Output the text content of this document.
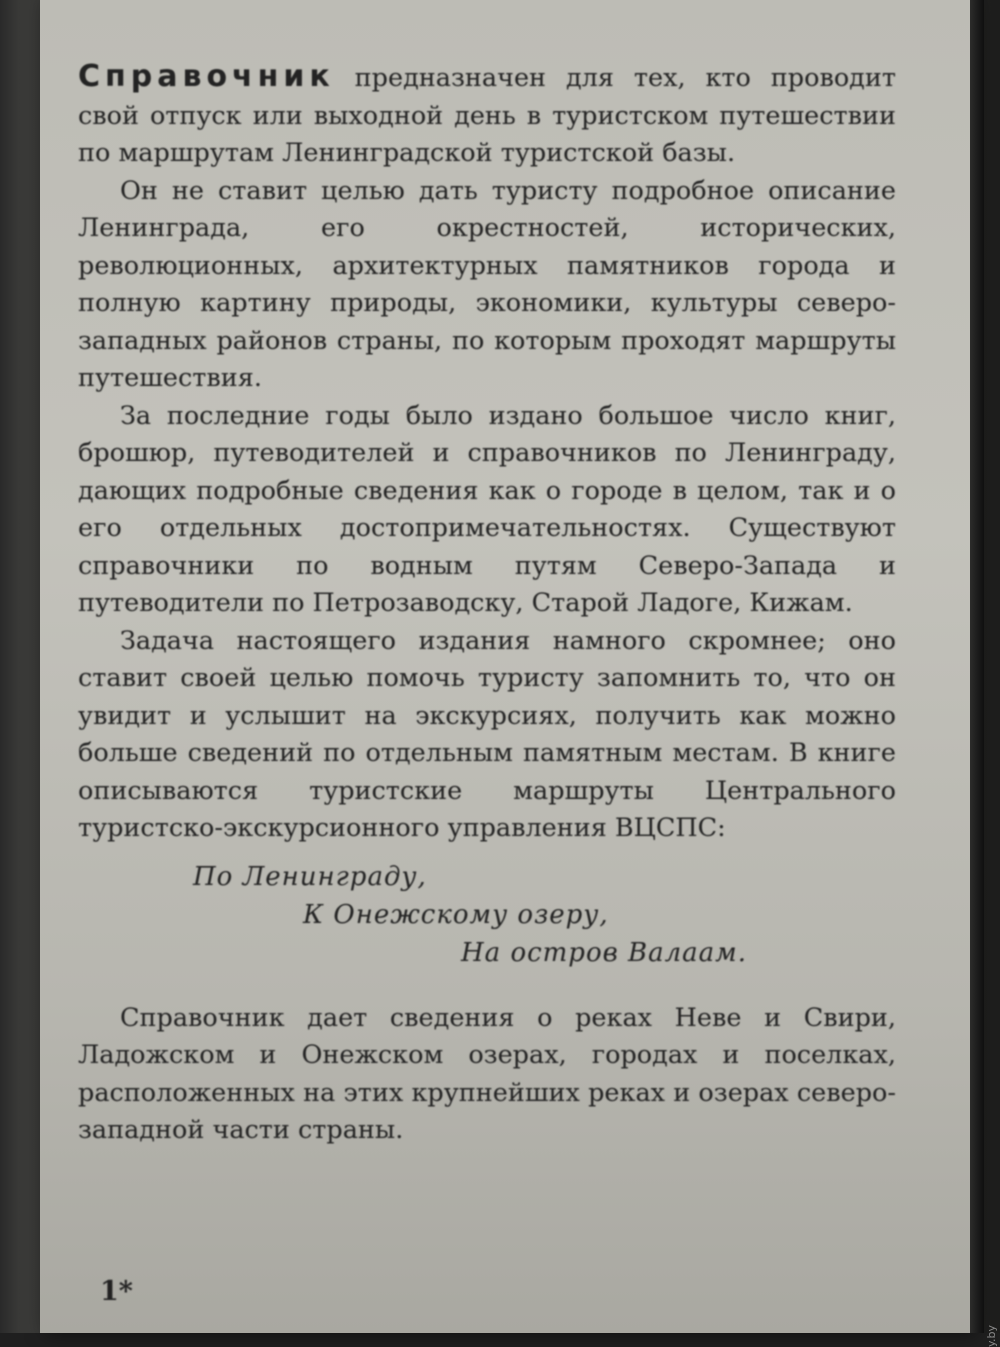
Справочник предназначен для тех, кто проводит свой отпуск или выходной день в туристском путешествии по маршрутам Ленинградской туристской базы.

Он не ставит целью дать туристу подробное описание Ленинграда, его окрестностей, исторических, революционных, архитектурных памятников города и полную картину природы, экономики, культуры северо-западных районов страны, по которым проходят маршруты путешествия.

За последние годы было издано большое число книг, брошюр, путеводителей и справочников по Ленинграду, дающих подробные сведения как о городе в целом, так и о его отдельных достопримечательностях. Существуют справочники по водным путям Северо-Запада и путеводители по Петрозаводску, Старой Ладоге, Кижам.

Задача настоящего издания намного скромнее; оно ставит своей целью помочь туристу запомнить то, что он увидит и услышит на экскурсиях, получить как можно больше сведений по отдельным памятным местам. В книге описываются туристские маршруты Центрального туристско-экскурсионного управления ВЦСПС:

По Ленинграду,
К Онежскому озеру,
На остров Валаам.

Справочник дает сведения о реках Неве и Свири, Ладожском и Онежском озерах, городах и поселках, расположенных на этих крупнейших реках и озерах северо-западной части страны.

1*
y.by
